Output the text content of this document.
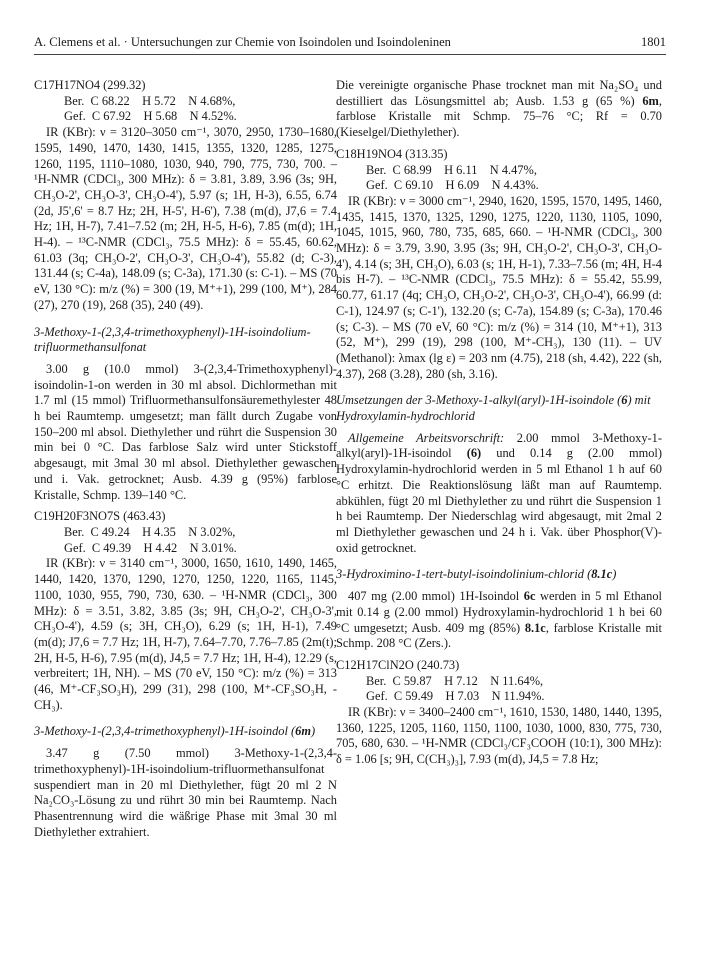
A. Clemens et al. · Untersuchungen zur Chemie von Isoindolen und Isoindoleninen	1801

C17H17NO4 (299.32)

Ber.  C 68.22    H 5.72    N 4.68%,

Gef.  C 67.92    H 5.68    N 4.52%.

IR (KBr): ν = 3120–3050 cm⁻¹, 3070, 2950, 1730–1680, 1595, 1490, 1470, 1430, 1415, 1355, 1320, 1285, 1275, 1260, 1195, 1110–1080, 1030, 940, 790, 775, 730, 700. – ¹H-NMR (CDCl₃, 300 MHz): δ = 3.81, 3.89, 3.96 (3s; 9H, CH₃O-2', CH₃O-3', CH₃O-4'), 5.97 (s; 1H, H-3), 6.55, 6.74 (2d, J5',6' = 8.7 Hz; 2H, H-5', H-6'), 7.38 (m(d), J7,6 = 7.4 Hz; 1H, H-7), 7.41–7.52 (m; 2H, H-5, H-6), 7.85 (m(d); 1H, H-4). – ¹³C-NMR (CDCl₃, 75.5 MHz): δ = 55.45, 60.62, 61.03 (3q; CH₃O-2', CH₃O-3', CH₃O-4'), 55.82 (d; C-3), 131.44 (s; C-4a), 148.09 (s; C-3a), 171.30 (s: C-1). – MS (70 eV, 130 °C): m/z (%) = 300 (19, M⁺+1), 299 (100, M⁺), 284 (27), 270 (19), 268 (35), 240 (49).

3-Methoxy-1-(2,3,4-trimethoxyphenyl)-1H-isoindolium-trifluormethansulfonat

3.00 g (10.0 mmol) 3-(2,3,4-Trimethoxyphenyl)-isoindolin-1-on werden in 30 ml absol. Dichlormethan mit 1.7 ml (15 mmol) Trifluormethansulfonsäuremethylester 48 h bei Raumtemp. umgesetzt; man fällt durch Zugabe von 150–200 ml absol. Diethylether und rührt die Suspension 30 min bei 0 °C. Das farblose Salz wird unter Stickstoff abgesaugt, mit 3mal 30 ml absol. Diethylether gewaschen und i. Vak. getrocknet; Ausb. 4.39 g (95%) farblose Kristalle, Schmp. 139–140 °C.

C19H20F3NO7S (463.43)

Ber.  C 49.24    H 4.35    N 3.02%,

Gef.  C 49.39    H 4.42    N 3.01%.

IR (KBr): ν = 3140 cm⁻¹, 3000, 1650, 1610, 1490, 1465, 1440, 1420, 1370, 1290, 1270, 1250, 1220, 1165, 1145, 1100, 1030, 955, 790, 730, 630. – ¹H-NMR (CDCl₃, 300 MHz): δ = 3.51, 3.82, 3.85 (3s; 9H, CH₃O-2', CH₃O-3', CH₃O-4'), 4.59 (s; 3H, CH₃O), 6.29 (s; 1H, H-1), 7.49 (m(d); J7,6 = 7.7 Hz; 1H, H-7), 7.64–7.70, 7.76–7.85 (2m(t); 2H, H-5, H-6), 7.95 (m(d), J4,5 = 7.7 Hz; 1H, H-4), 12.29 (s, verbreitert; 1H, NH). – MS (70 eV, 150 °C): m/z (%) = 313 (46, M⁺-CF₃SO₃H), 299 (31), 298 (100, M⁺-CF₃SO₃H, -CH₃).

3-Methoxy-1-(2,3,4-trimethoxyphenyl)-1H-isoindol (6m)

3.47 g (7.50 mmol) 3-Methoxy-1-(2,3,4-trimethoxyphenyl)-1H-isoindolium-trifluormethansulfonat suspendiert man in 20 ml Diethylether, fügt 20 ml 2 N Na₂CO₃-Lösung zu und rührt 30 min bei Raumtemp. Nach Phasentrennung wird die wäßrige Phase mit 3mal 30 ml Diethylether extrahiert.

Die vereinigte organische Phase trocknet man mit Na₂SO₄ und destilliert das Lösungsmittel ab; Ausb. 1.53 g (65 %) 6m, farblose Kristalle mit Schmp. 75–76 °C; Rf = 0.70 (Kieselgel/Diethylether).

C18H19NO4 (313.35)

Ber.  C 68.99    H 6.11    N 4.47%,

Gef.  C 69.10    H 6.09    N 4.43%.

IR (KBr): ν = 3000 cm⁻¹, 2940, 1620, 1595, 1570, 1495, 1460, 1435, 1415, 1370, 1325, 1290, 1275, 1220, 1130, 1105, 1090, 1045, 1015, 960, 780, 735, 685, 660. – ¹H-NMR (CDCl₃, 300 MHz): δ = 3.79, 3.90, 3.95 (3s; 9H, CH₃O-2', CH₃O-3', CH₃O-4'), 4.14 (s; 3H, CH₃O), 6.03 (s; 1H, H-1), 7.33–7.56 (m; 4H, H-4 bis H-7). – ¹³C-NMR (CDCl₃, 75.5 MHz): δ = 55.42, 55.99, 60.77, 61.17 (4q; CH₃O, CH₃O-2', CH₃O-3', CH₃O-4'), 66.99 (d: C-1), 124.97 (s; C-1'), 132.20 (s; C-7a), 154.89 (s; C-3a), 170.46 (s; C-3). – MS (70 eV, 60 °C): m/z (%) = 314 (10, M⁺+1), 313 (52, M⁺), 299 (19), 298 (100, M⁺-CH₃), 130 (11). – UV (Methanol): λmax (lg ε) = 203 nm (4.75), 218 (sh, 4.42), 222 (sh, 4.37), 268 (3.28), 280 (sh, 3.16).

Umsetzungen der 3-Methoxy-1-alkyl(aryl)-1H-isoindole (6) mit Hydroxylamin-hydrochlorid

Allgemeine Arbeitsvorschrift: 2.00 mmol 3-Methoxy-1-alkyl(aryl)-1H-isoindol (6) und 0.14 g (2.00 mmol) Hydroxylamin-hydrochlorid werden in 5 ml Ethanol 1 h auf 60 °C erhitzt. Die Reaktionslösung läßt man auf Raumtemp. abkühlen, fügt 20 ml Diethylether zu und rührt die Suspension 1 h bei Raumtemp. Der Niederschlag wird abgesaugt, mit 2mal 2 ml Diethylether gewaschen und 24 h i. Vak. über Phosphor(V)-oxid getrocknet.

3-Hydroximino-1-tert-butyl-isoindolinium-chlorid (8.1c)

407 mg (2.00 mmol) 1H-Isoindol 6c werden in 5 ml Ethanol mit 0.14 g (2.00 mmol) Hydroxylamin-hydrochlorid 1 h bei 60 °C umgesetzt; Ausb. 409 mg (85%) 8.1c, farblose Kristalle mit Schmp. 208 °C (Zers.).

C12H17ClN2O (240.73)

Ber.  C 59.87    H 7.12    N 11.64%,

Gef.  C 59.49    H 7.03    N 11.94%.

IR (KBr): ν = 3400–2400 cm⁻¹, 1610, 1530, 1480, 1440, 1395, 1360, 1225, 1205, 1160, 1150, 1100, 1030, 1000, 830, 775, 730, 705, 680, 630. – ¹H-NMR (CDCl₃/CF₃COOH (10:1), 300 MHz): δ = 1.06 [s; 9H, C(CH₃)₃], 7.93 (m(d), J4,5 = 7.8 Hz;
